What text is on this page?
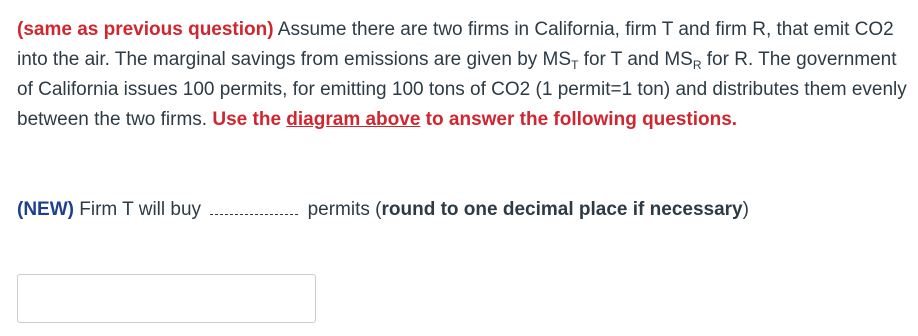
(same as previous question) Assume there are two firms in California, firm T and firm R, that emit CO2 into the air. The marginal savings from emissions are given by $MS_T$ for T and $MS_R$ for R. The government of California issues 100 permits, for emitting 100 tons of CO2 (1 permit=1 ton) and distributes them evenly between the two firms. Use the diagram above to answer the following questions.

(NEW) Firm T will buy	permits (round to one decimal place if necessary)
